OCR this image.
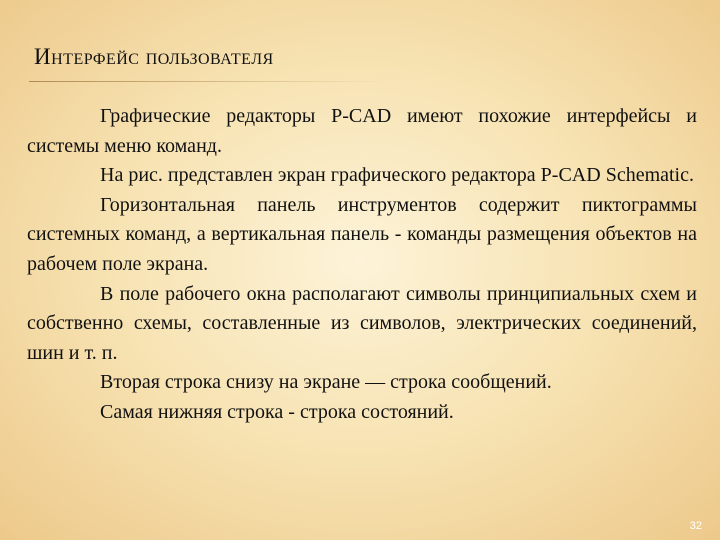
Интерфейс пользователя

Графические редакторы P-CAD имеют похожие интерфейсы и системы меню команд.

На рис. представлен экран графического редактора P-CAD Schematic.

Горизонтальная панель инструментов содержит пиктограммы системных команд, а вертикальная панель - команды размещения объектов на рабочем поле экрана.

В поле рабочего окна располагают символы принципиальных схем и собственно схемы, составленные из символов, электрических соединений, шин и т. п.

Вторая строка снизу на экране — строка сообщений.

Самая нижняя строка - строка состояний.

32
